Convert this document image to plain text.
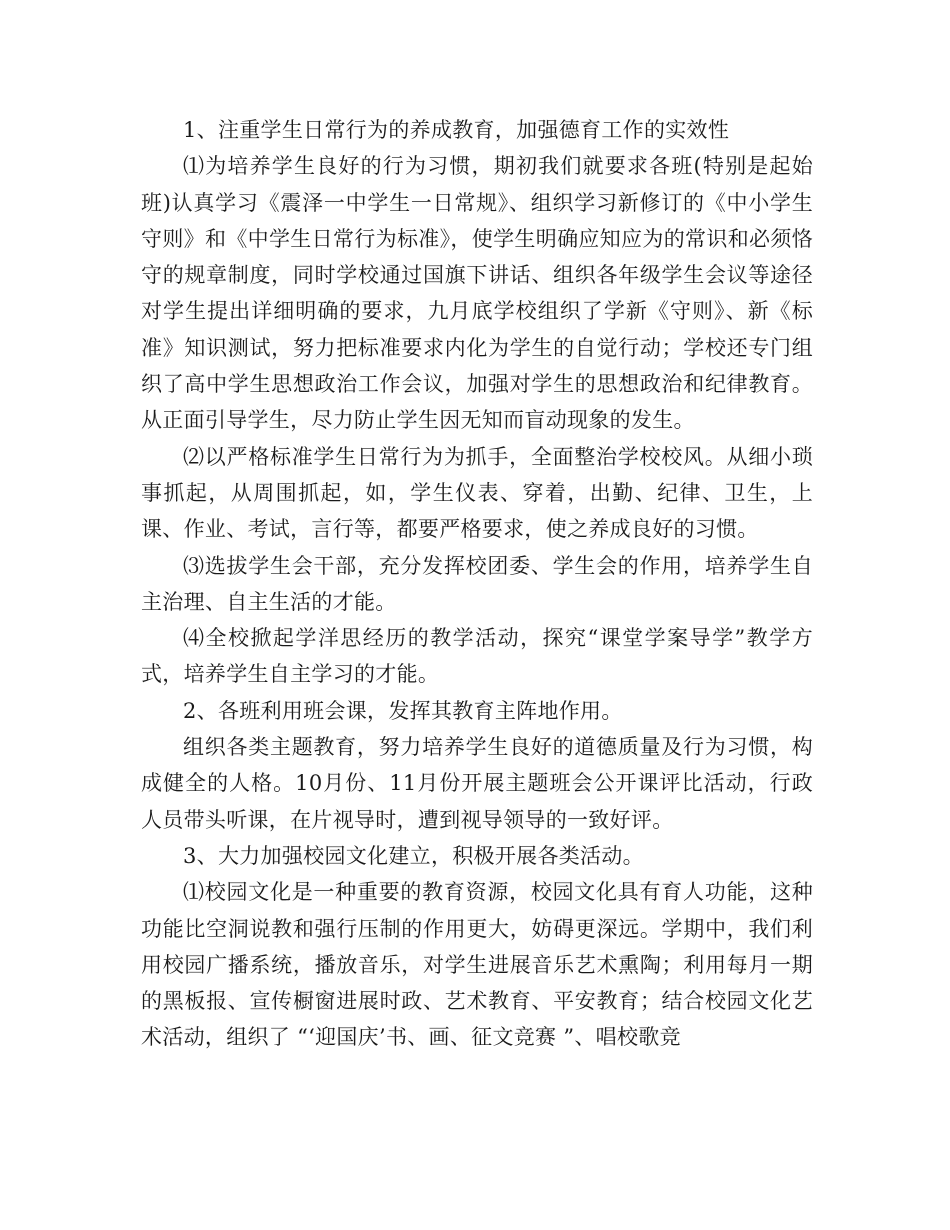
1、注重学生日常行为的养成教育，加强德育工作的实效性

⑴为培养学生良好的行为习惯，期初我们就要求各班(特别是起始班)认真学习《震泽一中学生一日常规》、组织学习新修订的《中小学生守则》和《中学生日常行为标准》，使学生明确应知应为的常识和必须恪守的规章制度，同时学校通过国旗下讲话、组织各年级学生会议等途径对学生提出详细明确的要求，九月底学校组织了学新《守则》、新《标准》知识测试，努力把标准要求内化为学生的自觉行动；学校还专门组织了高中学生思想政治工作会议，加强对学生的思想政治和纪律教育。从正面引导学生，尽力防止学生因无知而盲动现象的发生。

⑵以严格标准学生日常行为为抓手，全面整治学校校风。从细小琐事抓起，从周围抓起，如，学生仪表、穿着，出勤、纪律、卫生，上课、作业、考试，言行等，都要严格要求，使之养成良好的习惯。

⑶选拔学生会干部，充分发挥校团委、学生会的作用，培养学生自主治理、自主生活的才能。

⑷全校掀起学洋思经历的教学活动，探究“课堂学案导学”教学方式，培养学生自主学习的才能。

2、各班利用班会课，发挥其教育主阵地作用。

组织各类主题教育，努力培养学生良好的道德质量及行为习惯，构成健全的人格。10月份、11月份开展主题班会公开课评比活动，行政人员带头听课，在片视导时，遭到视导领导的一致好评。

3、大力加强校园文化建立，积极开展各类活动。

⑴校园文化是一种重要的教育资源，校园文化具有育人功能，这种功能比空洞说教和强行压制的作用更大，妨碍更深远。学期中，我们利用校园广播系统，播放音乐，对学生进展音乐艺术熏陶；利用每月一期的黑板报、宣传橱窗进展时政、艺术教育、平安教育；结合校园文化艺术活动，组织了 “‘迎国庆’书、画、征文竞赛 ”、唱校歌竞
